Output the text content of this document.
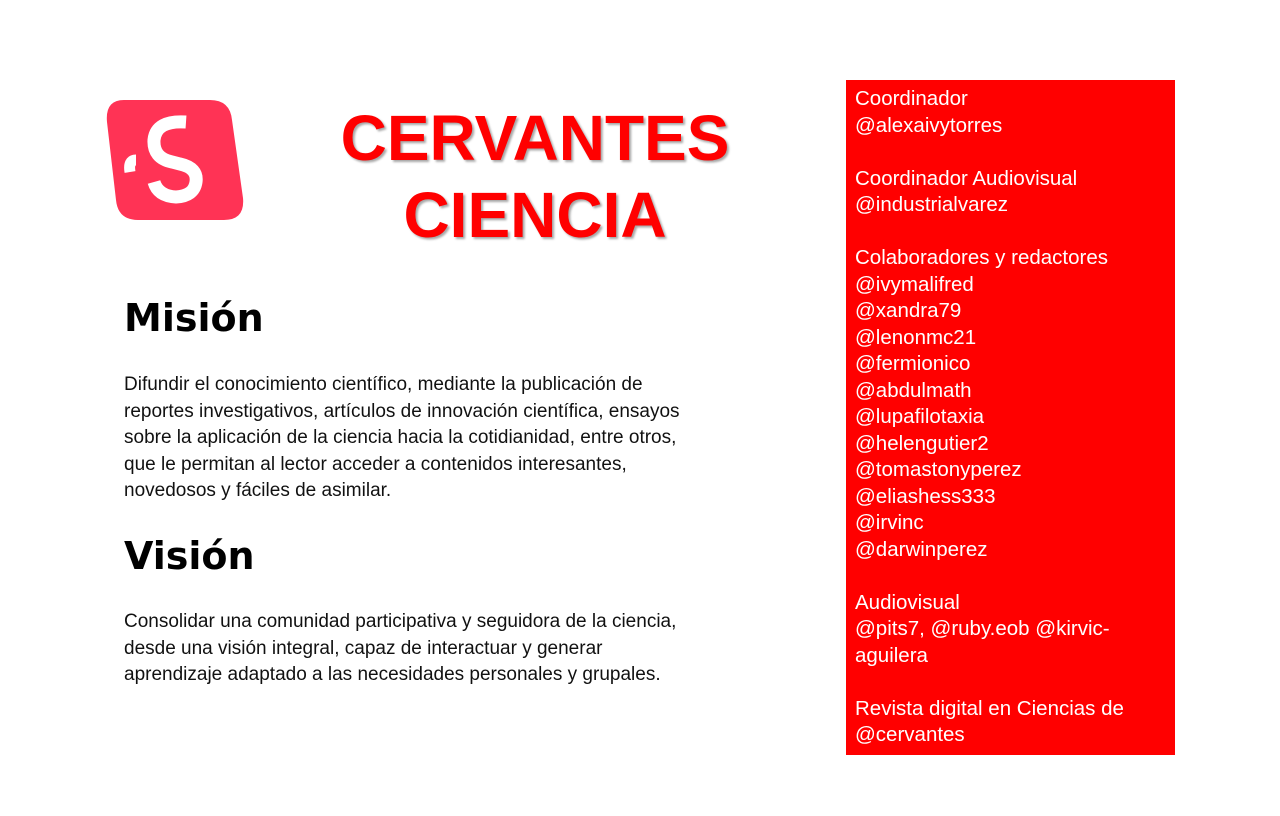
CERVANTES
CIENCIA
Misión
Difundir el conocimiento científico, mediante la publicación de
reportes investigativos, artículos de innovación científica, ensayos
sobre la aplicación de la ciencia hacia la cotidianidad, entre otros,
que le permitan al lector acceder a contenidos interesantes,
novedosos y fáciles de asimilar.
Visión
Consolidar una comunidad participativa y seguidora de la ciencia,
desde una visión integral, capaz de interactuar y generar
aprendizaje adaptado a las necesidades personales y grupales.
Coordinador
@alexaivytorres
Coordinador Audiovisual
@industrialvarez
Colaboradores y redactores
@ivymalifred
@xandra79
@lenonmc21
@fermionico
@abdulmath
@lupafilotaxia
@helengutier2
@tomastonyperez
@eliashess333
@irvinc
@darwinperez
Audiovisual
@pits7, @ruby.eob @kirvic-
aguilera
Revista digital en Ciencias de
@cervantes
